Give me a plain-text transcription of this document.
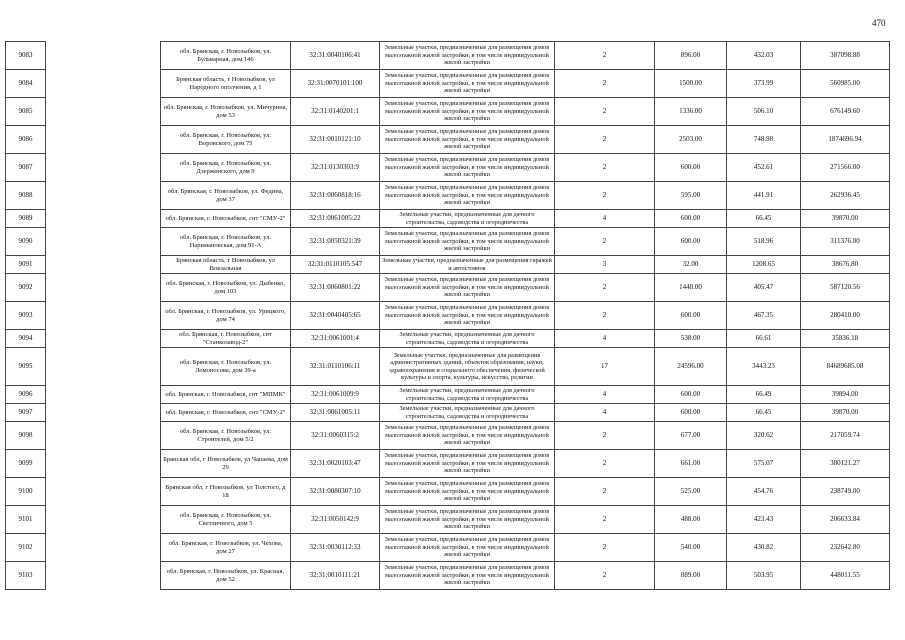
470
9083		обл. Брянская, г. Новозыбков, ул. Бульварная, дом 146	32:31:0040106:41	Земельные участки, предназначенные для размещения домов малоэтажной жилой застройки, в том числе индивидуальной жилой застройки	2	896.00	432.03	387098.88
9084		Брянская область, г Новозыбков, ул Народного ополчения, д 1	32:31:0070101:100	Земельные участки, предназначенные для размещения домов малоэтажной жилой застройки, в том числе индивидуальной жилой застройки	2	1500.00	373.99	560985.00
9085		обл. Брянская, г. Новозыбков, ул. Мичурина, дом 53	32:31:0140201:1	Земельные участки, предназначенные для размещения домов малоэтажной жилой застройки, в том числе индивидуальной жилой застройки	2	1336.00	506.10	676149.60
9086		обл. Брянская, г. Новозыбков, ул. Воровского, дом 75	32:31:0010121:10	Земельные участки, предназначенные для размещения домов малоэтажной жилой застройки, в том числе индивидуальной жилой застройки	2	2503.00	748.98	1874696.94
9087		обл. Брянская, г. Новозыбков, ул. Дзержинского, дом 9	32:31:0130303:9	Земельные участки, предназначенные для размещения домов малоэтажной жилой застройки, в том числе индивидуальной жилой застройки	2	600.00	452.61	271566.00
9088		обл. Брянская, г. Новозыбков, ул. Федина, дом 37	32:31:0060818:16	Земельные участки, предназначенные для размещения домов малоэтажной жилой застройки, в том числе индивидуальной жилой застройки	2	595.00	441.91	262936.45
9089		обл. Брянская, г. Новозыбков, снт "СМУ-2"	32:31:0061005:22	Земельные участки, предназначенные для дачного строительства, садоводства и огородничества	4	600.00	66.45	39870.00
9090		обл. Брянская, г. Новозыбков, ул. Наримановская, дом 91-А	32:31:0050321:39	Земельные участки, предназначенные для размещения домов малоэтажной жилой застройки, в том числе индивидуальной жилой застройки	2	600.00	518.96	311376.00
9091		Брянская область, г Новозыбков, ул Вокзальная	32:31:0110105:547	Земельные участки, предназначенные для размещения гаражей и автостоянок	3	32.00	1208.65	38676.80
9092		обл. Брянская, г. Новозыбков, ул. Дыбенко, дом 103	32:31:0060801:22	Земельные участки, предназначенные для размещения домов малоэтажной жилой застройки, в том числе индивидуальной жилой застройки	2	1448.00	405.47	587120.56
9093		обл. Брянская, г. Новозыбков, ул. Урицкого, дом 74	32:31:0040405:65	Земельные участки, предназначенные для размещения домов малоэтажной жилой застройки, в том числе индивидуальной жилой застройки	2	600.00	467.35	280410.00
9094		обл. Брянская, г. Новозыбков, снт "Станкозавод-2"	32:31:0061001:4	Земельные участки, предназначенные для дачного строительства, садоводства и огородничества	4	538.00	66.61	35836.18
9095		обл. Брянская, г. Новозыбков, ул. Ломоносова, дом 39-а	32:31:0110106:11	Земельные участки, предназначенные для размещения административных зданий, объектов образования, науки, здравоохранения и социального обеспечения, физической культуры и спорта, культуры, искусства, религии	17	24596.00	3443.23	84689685.08
9096		обл. Брянская, г. Новозыбков, снт "МПМК"	32:31:0061009:9	Земельные участки, предназначенные для дачного строительства, садоводства и огородничества	4	600.00	66.49	39894.00
9097		обл. Брянская, г. Новозыбков, снт "СМУ-2"	32:31:0061005:11	Земельные участки, предназначенные для дачного строительства, садоводства и огородничества	4	600.00	66.45	39870.00
9098		обл. Брянская, г. Новозыбков, ул. Строителей, дом 5/2	32:31:0060315:2	Земельные участки, предназначенные для размещения домов малоэтажной жилой застройки, в том числе индивидуальной жилой застройки	2	677.00	320.62	217059.74
9099		Брянская обл, г Новозыбков, ул Чапаева, дом 29	32:31:0020103:47	Земельные участки, предназначенные для размещения домов малоэтажной жилой застройки, в том числе индивидуальной жилой застройки	2	661.00	575.07	380121.27
9100		Брянская обл, г Новозыбков, ул Толстого, д 18	32:31:0080307:10	Земельные участки, предназначенные для размещения домов малоэтажной жилой застройки, в том числе индивидуальной жилой застройки	2	525.00	454.76	238749.00
9101		обл. Брянская, г. Новозыбков, ул. Светличного, дом 5	32:31:0050142:9	Земельные участки, предназначенные для размещения домов малоэтажной жилой застройки, в том числе индивидуальной жилой застройки	2	488.00	423.43	206633.84
9102		обл. Брянская, г. Новозыбков, ул. Чехова, дом 27	32:31:0030112:33	Земельные участки, предназначенные для размещения домов малоэтажной жилой застройки, в том числе индивидуальной жилой застройки	2	540.00	430.82	232642.80
9103		обл. Брянская, г. Новозыбков, ул. Красная, дом 52	32:31:0010111:21	Земельные участки, предназначенные для размещения домов малоэтажной жилой застройки, в том числе индивидуальной жилой застройки	2	889.00	503.95	448011.55
